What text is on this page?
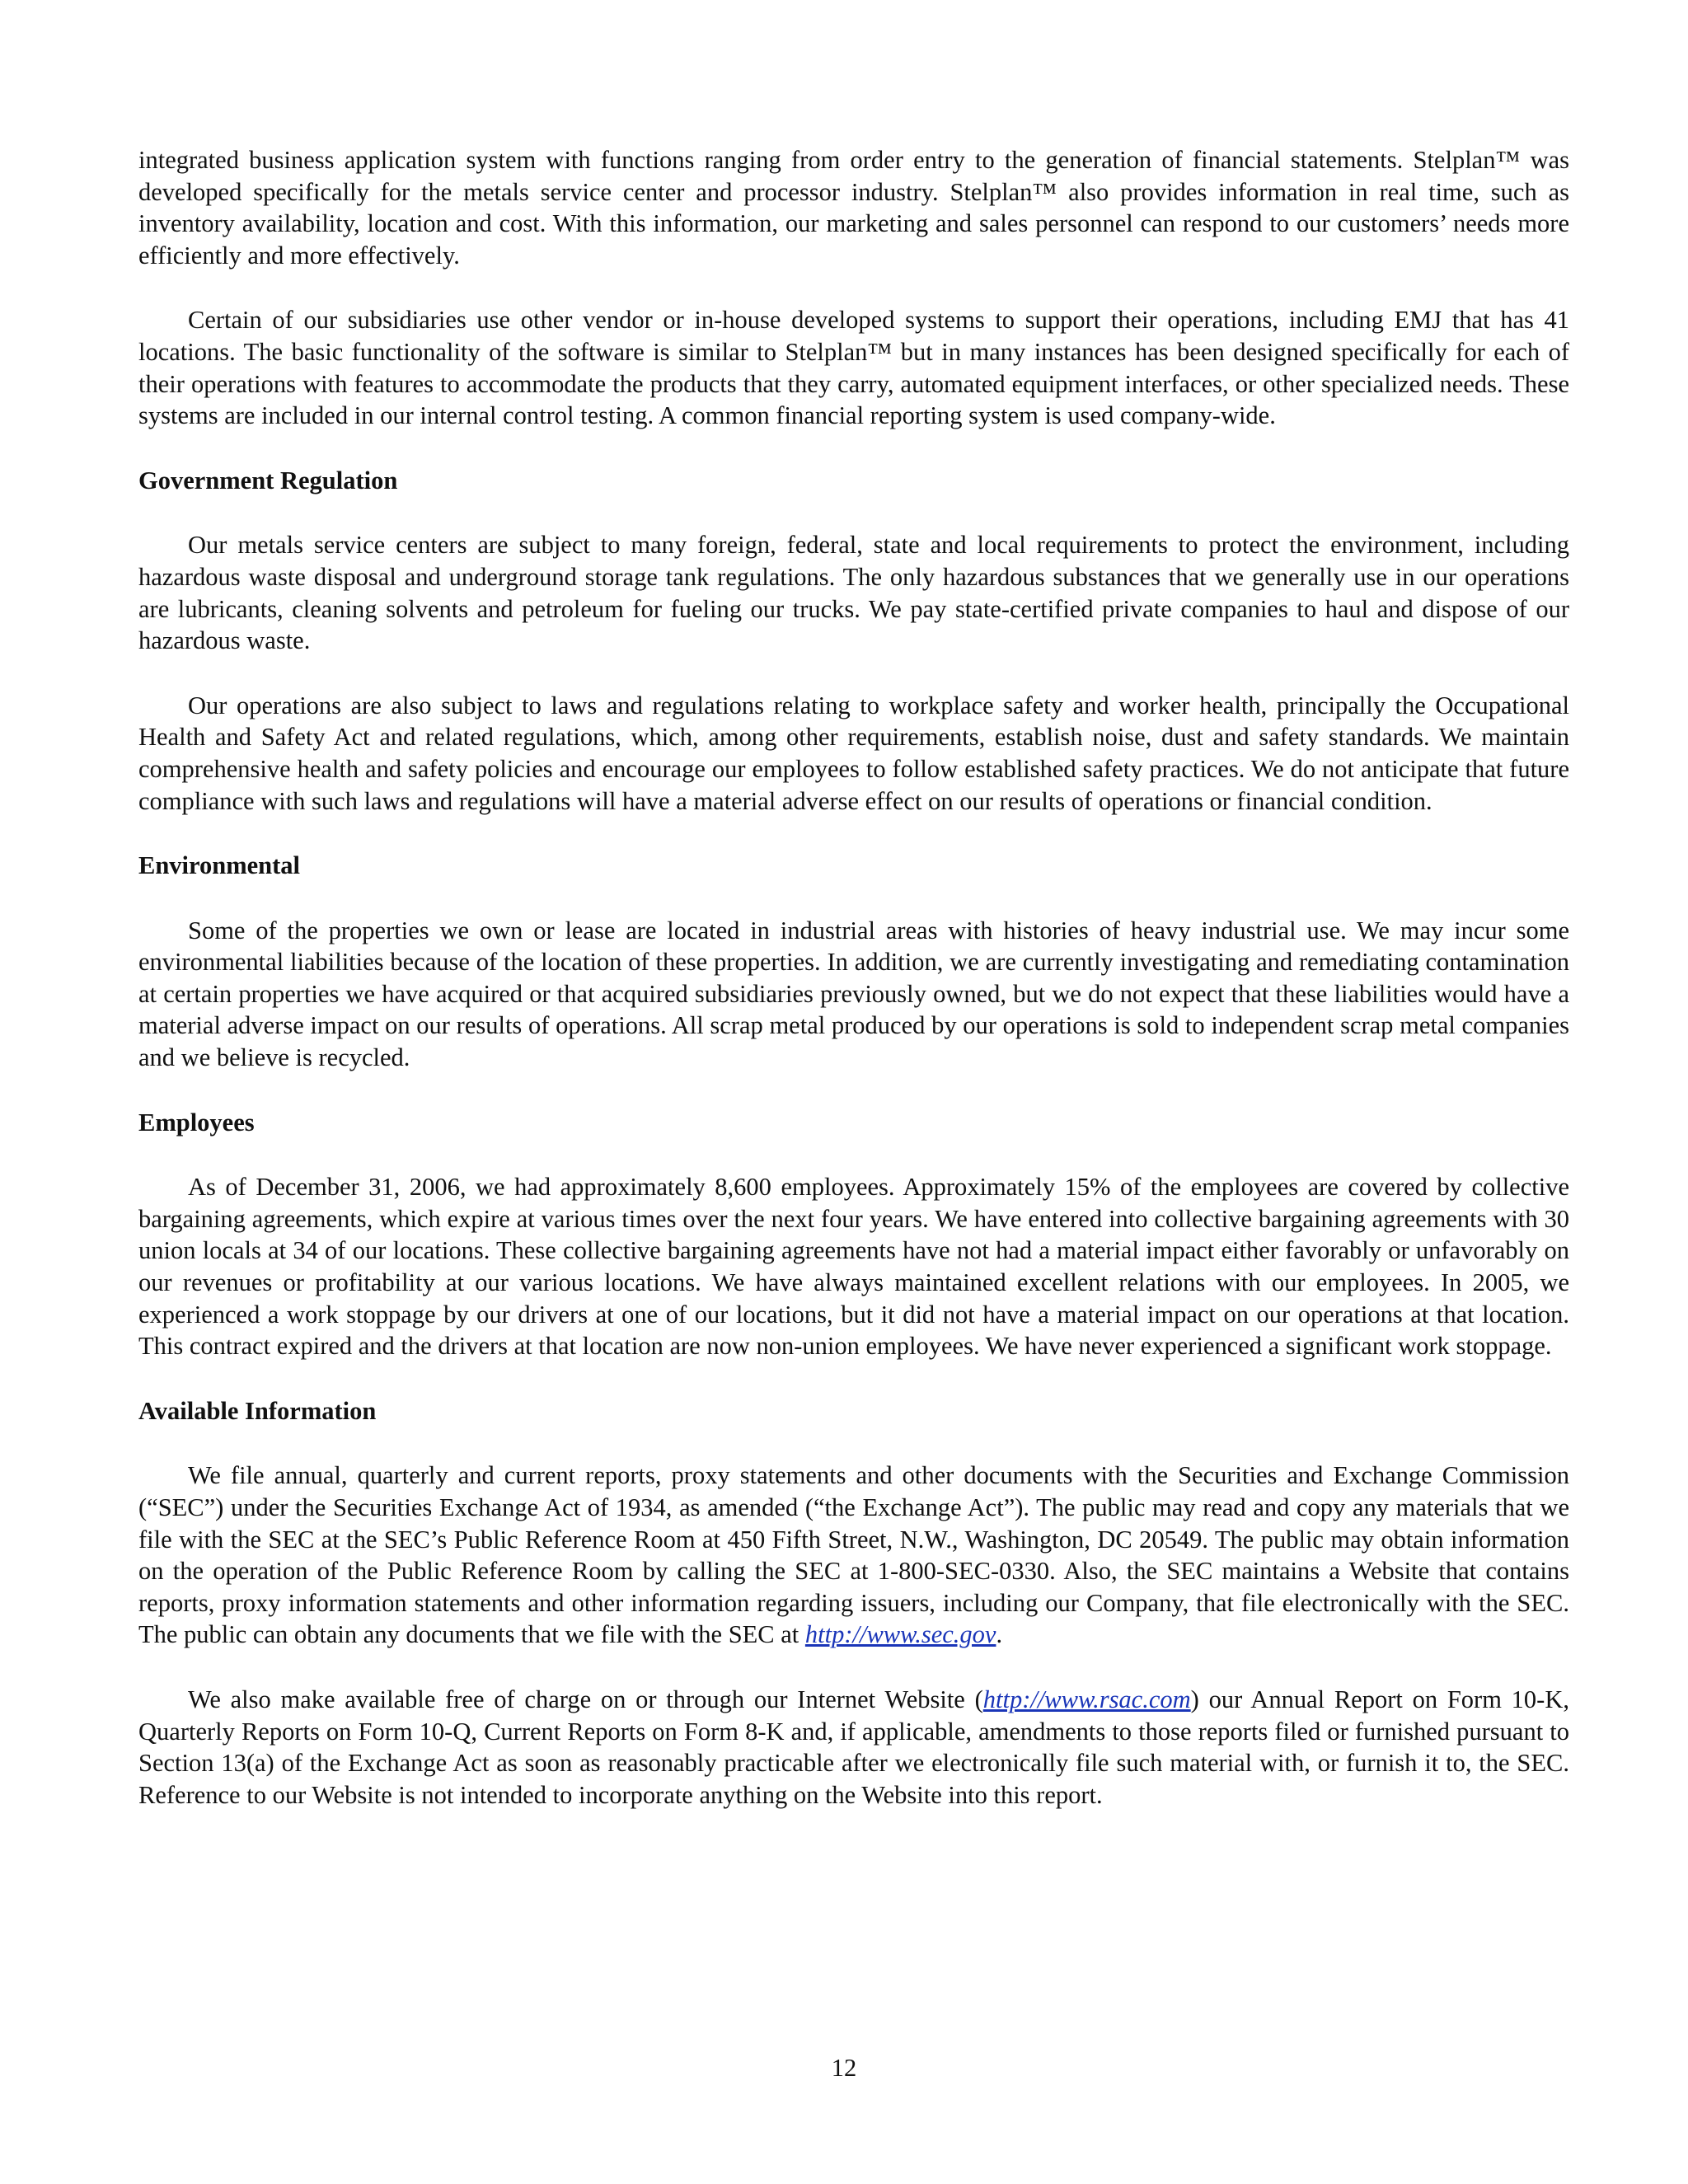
integrated business application system with functions ranging from order entry to the generation of financial statements. Stelplan™ was developed specifically for the metals service center and processor industry. Stelplan™ also provides information in real time, such as inventory availability, location and cost. With this information, our marketing and sales personnel can respond to our customers’ needs more efficiently and more effectively.

Certain of our subsidiaries use other vendor or in-house developed systems to support their operations, including EMJ that has 41 locations. The basic functionality of the software is similar to Stelplan™ but in many instances has been designed specifically for each of their operations with features to accommodate the products that they carry, automated equipment interfaces, or other specialized needs. These systems are included in our internal control testing. A common financial reporting system is used company-wide.

Government Regulation

Our metals service centers are subject to many foreign, federal, state and local requirements to protect the environment, including hazardous waste disposal and underground storage tank regulations. The only hazardous substances that we generally use in our operations are lubricants, cleaning solvents and petroleum for fueling our trucks. We pay state-certified private companies to haul and dispose of our hazardous waste.

Our operations are also subject to laws and regulations relating to workplace safety and worker health, principally the Occupational Health and Safety Act and related regulations, which, among other requirements, establish noise, dust and safety standards. We maintain comprehensive health and safety policies and encourage our employees to follow established safety practices. We do not anticipate that future compliance with such laws and regulations will have a material adverse effect on our results of operations or financial condition.

Environmental

Some of the properties we own or lease are located in industrial areas with histories of heavy industrial use. We may incur some environmental liabilities because of the location of these properties. In addition, we are currently investigating and remediating contamination at certain properties we have acquired or that acquired subsidiaries previously owned, but we do not expect that these liabilities would have a material adverse impact on our results of operations. All scrap metal produced by our operations is sold to independent scrap metal companies and we believe is recycled.

Employees

As of December 31, 2006, we had approximately 8,600 employees. Approximately 15% of the employees are covered by collective bargaining agreements, which expire at various times over the next four years. We have entered into collective bargaining agreements with 30 union locals at 34 of our locations. These collective bargaining agreements have not had a material impact either favorably or unfavorably on our revenues or profitability at our various locations. We have always maintained excellent relations with our employees. In 2005, we experienced a work stoppage by our drivers at one of our locations, but it did not have a material impact on our operations at that location. This contract expired and the drivers at that location are now non-union employees. We have never experienced a significant work stoppage.

Available Information

We file annual, quarterly and current reports, proxy statements and other documents with the Securities and Exchange Commission (“SEC”) under the Securities Exchange Act of 1934, as amended (“the Exchange Act”). The public may read and copy any materials that we file with the SEC at the SEC’s Public Reference Room at 450 Fifth Street, N.W., Washington, DC 20549. The public may obtain information on the operation of the Public Reference Room by calling the SEC at 1-800-SEC-0330. Also, the SEC maintains a Website that contains reports, proxy information statements and other information regarding issuers, including our Company, that file electronically with the SEC. The public can obtain any documents that we file with the SEC at http://www.sec.gov.

We also make available free of charge on or through our Internet Website (http://www.rsac.com) our Annual Report on Form 10-K, Quarterly Reports on Form 10-Q, Current Reports on Form 8-K and, if applicable, amendments to those reports filed or furnished pursuant to Section 13(a) of the Exchange Act as soon as reasonably practicable after we electronically file such material with, or furnish it to, the SEC. Reference to our Website is not intended to incorporate anything on the Website into this report.

12
